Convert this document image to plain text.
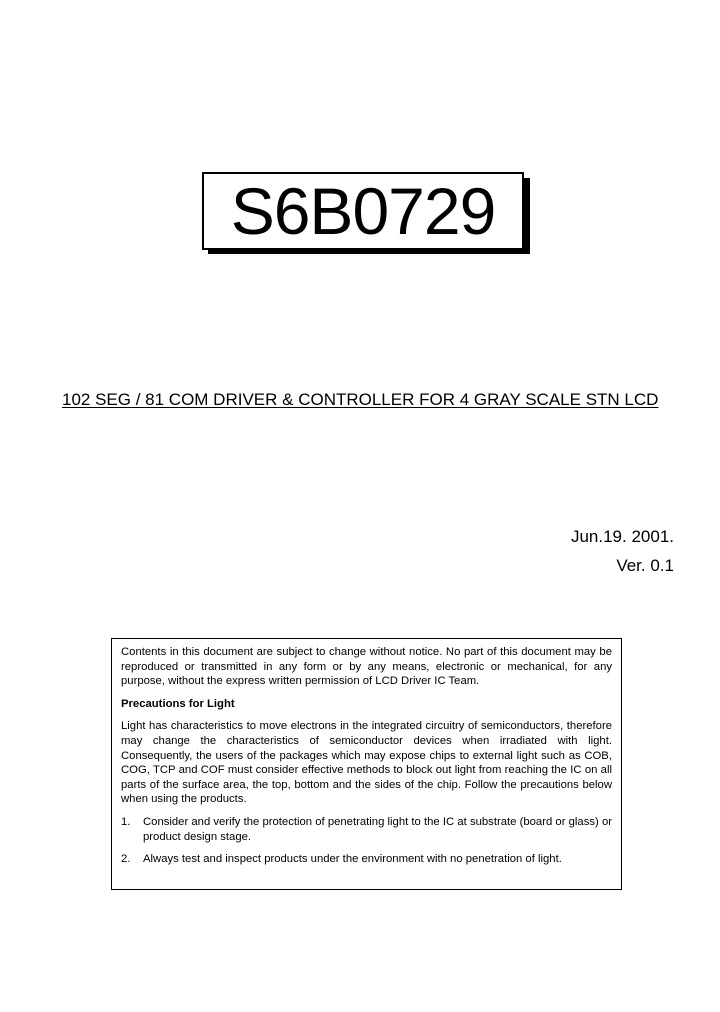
S6B0729
102 SEG / 81 COM DRIVER & CONTROLLER FOR 4 GRAY SCALE STN LCD
Jun.19. 2001.
Ver. 0.1

Contents in this document are subject to change without notice. No part of this document may be reproduced or transmitted in any form or by any means, electronic or mechanical, for any purpose, without the express written permission of LCD Driver IC Team.

Precautions for Light

Light has characteristics to move electrons in the integrated circuitry of semiconductors, therefore may change the characteristics of semiconductor devices when irradiated with light. Consequently, the users of the packages which may expose chips to external light such as COB, COG, TCP and COF must consider effective methods to block out light from reaching the IC on all parts of the surface area, the top, bottom and the sides of the chip. Follow the precautions below when using the products.

1.	Consider and verify the protection of penetrating light to the IC at substrate (board or glass) or product design stage.
2.	Always test and inspect products under the environment with no penetration of light.
